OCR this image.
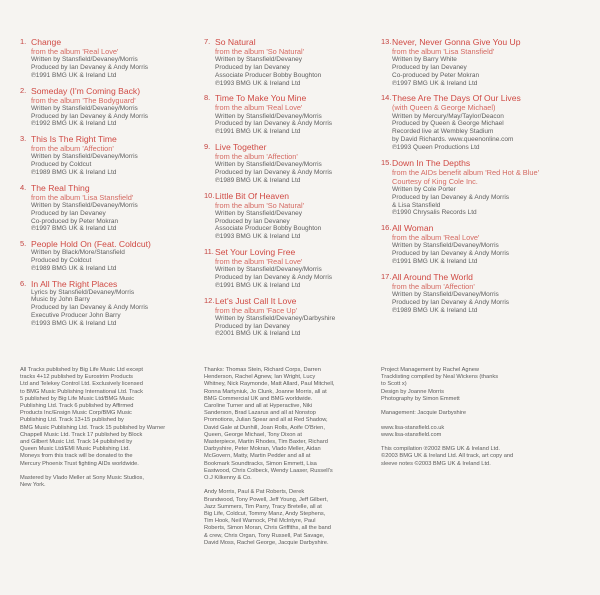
1. Change
from the album 'Real Love'
Written by Stansfield/Devaney/Morris
Produced by Ian Devaney & Andy Morris
℗1991 BMG UK & Ireland Ltd
2. Someday (I'm Coming Back)
from the album 'The Bodyguard'
Written by Stansfield/Devaney/Morris
Produced by Ian Devaney & Andy Morris
℗1992 BMG UK & Ireland Ltd
3. This Is The Right Time
from the album 'Affection'
Written by Stansfield/Devaney/Morris
Produced by Coldcut
℗1989 BMG UK & Ireland Ltd
4. The Real Thing
from the album 'Lisa Stansfield'
Written by Stansfield/Devaney/Morris
Produced by Ian Devaney
Co-produced by Peter Mokran
℗1997 BMG UK & Ireland Ltd
5. People Hold On (Feat. Coldcut)
Written by Black/More/Stansfield
Produced by Coldcut
℗1989 BMG UK & Ireland Ltd
6. In All The Right Places
Lyrics by Stansfield/Devaney/Morris
Music by John Barry
Produced by Ian Devaney & Andy Morris
Executive Producer John Barry
℗1993 BMG UK & Ireland Ltd
7. So Natural
from the album 'So Natural'
Written by Stansfield/Devaney
Produced by Ian Devaney
Associate Producer Bobby Boughton
℗1993 BMG UK & Ireland Ltd
8. Time To Make You Mine
from the album 'Real Love'
Written by Stansfield/Devaney/Morris
Produced by Ian Devaney & Andy Morris
℗1991 BMG UK & Ireland Ltd
9. Live Together
from the album 'Affection'
Written by Stansfield/Devaney/Morris
Produced by Ian Devaney & Andy Morris
℗1989 BMG UK & Ireland Ltd
10. Little Bit Of Heaven
from the album 'So Natural'
Written by Stansfield/Devaney
Produced by Ian Devaney
Associate Producer Bobby Boughton
℗1993 BMG UK & Ireland Ltd
11. Set Your Loving Free
from the album 'Real Love'
Written by Stansfield/Devaney/Morris
Produced by Ian Devaney & Andy Morris
℗1991 BMG UK & Ireland Ltd
12. Let's Just Call It Love
from the album 'Face Up'
Written by Stansfield/Devaney/Darbyshire
Produced by Ian Devaney
℗2001 BMG UK & Ireland Ltd
13. Never, Never Gonna Give You Up
from the album 'Lisa Stansfield'
Written by Barry White
Produced by Ian Devaney
Co-produced by Peter Mokran
℗1997 BMG UK & Ireland Ltd
14. These Are The Days Of Our Lives
(with Queen & George Michael)
Written by Mercury/May/Taylor/Deacon
Produced by Queen & George Michael
Recorded live at Wembley Stadium
by David Richards. www.queenonline.com
℗1993 Queen Productions Ltd
15. Down In The Depths
from the AIDs benefit album 'Red Hot & Blue'
Courtesy of King Cole Inc.
Written by Cole Porter
Produced by Ian Devaney & Andy Morris
& Lisa Stansfield
℗1990 Chrysalis Records Ltd
16. All Woman
from the album 'Real Love'
Written by Stansfield/Devaney/Morris
Produced by Ian Devaney & Andy Morris
℗1991 BMG UK & Ireland Ltd
17. All Around The World
from the album 'Affection'
Written by Stansfield/Devaney/Morris
Produced by Ian Devaney & Andy Morris
℗1989 BMG UK & Ireland Ltd
All Tracks published by Big Life Music Ltd except
tracks 4+12 published by Eurostrim Products
Ltd and Telekey Control Ltd. Exclusively licensed
to BMG Music Publishing International Ltd. Track
5 published by Big Life Music Ltd/BMG Music
Publishing Ltd. Track 6 published by Affirmed
Products Inc/Ensign Music Corp/BMG Music
Publishing Ltd. Track 13+15 published by
BMG Music Publishing Ltd. Track 15 published by Warner
Chappell Music Ltd. Track 17 published by Block
and Gilbert Music Ltd. Track 14 published by
Queen Music Ltd/EMI Music Publishing Ltd.
Moneys from this track will be donated to the
Mercury Phoenix Trust fighting AIDs worldwide.
Mastered by Vlado Meller at Sony Music Studios,
New York.
Thanks: Thomas Stein, Richard Corps, Darren
Henderson, Rachel Agnew, Ian Wright, Lucy
Whitney, Nick Raymonde, Matt Allard, Paul Mitchell,
Ronna Martyniuk, Jo Clunk, Joanne Morris, all at
BMG Commercial UK and BMG worldwide.
Caroline Turner and all at Hyperactive, Niki
Sanderson, Brad Lazarus and all at Nonstop
Promotions, Julian Spear and all at Red Shadow,
David Gale at Dunhill, Joan Rolls, Aoife O'Brien,
Queen, George Michael, Tony Dixon at
Masterpiece, Martin Rhodes, Tim Baxter, Richard
Darbyshire, Peter Mokran, Vlado Meller, Aidan
McGovern, Matty, Martin Pedder and all at
Bookmark Soundtracks, Simon Emmett, Lisa
Eastwood, Chris Colbeck, Wendy Laaser, Russell's
O.J Kilkenny & Co.
Andy Morris, Paul & Pat Roberts, Derek
Brandwood, Tony Powell, Jeff Young, Jeff Gilbert,
Jazz Summers, Tim Parry, Tracy Bretelle, all at
Big Life, Coldcut, Tommy Manz, Andy Stephens,
Tim Hook, Neil Warnock, Phil McIntyre, Paul
Roberts, Simon Moran, Chris Griffiths, all the band
& crew, Chris Organ, Tony Russell, Pat Savage,
David Moss, Rachel George, Jacquie Darbyshire.
Project Management by Rachel Agnew
Tracklisting compiled by Neal Wickens (thanks
to Scott x)
Design by Joanne Morris
Photography by Simon Emmett
Management: Jacquie Darbyshire
www.lisa-stansfield.co.uk
www.lisa-stansfield.com
This compilation ℗2002 BMG UK & Ireland Ltd.
©2003 BMG UK & Ireland Ltd. All track, art copy and
sleeve notes ©2003 BMG UK & Ireland Ltd.
